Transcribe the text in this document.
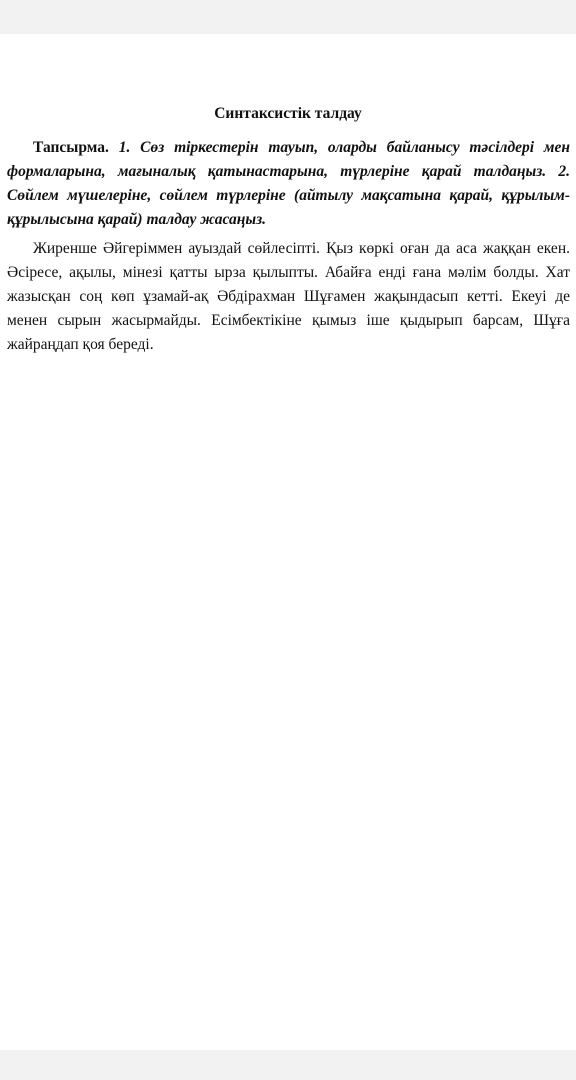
Синтаксистік талдау

Тапсырма. 1. Сөз тіркестерін тауып, оларды байланысу тәсілдері мен формаларына, мағыналық қатынастарына, түрлеріне қарай талдаңыз. 2. Сөйлем мүшелеріне, сөйлем түрлеріне (айтылу мақсатына қарай, құрылым-құрылысына қарай) талдау жасаңыз.

Жиренше Әйгеріммен ауыздай сөйлесіпті. Қыз көркі оған да аса жаққан екен. Әсіресе, ақылы, мінезі қатты ырза қылыпты. Абайға енді ғана мәлім болды. Хат жазысқан соң көп ұзамай-ақ Әбдірахман Шұғамен жақындасып кетті. Екеуі де менен сырын жасырмайды. Есімбектікіне қымыз іше қыдырып барсам, Шұға жайраңдап қоя береді.
